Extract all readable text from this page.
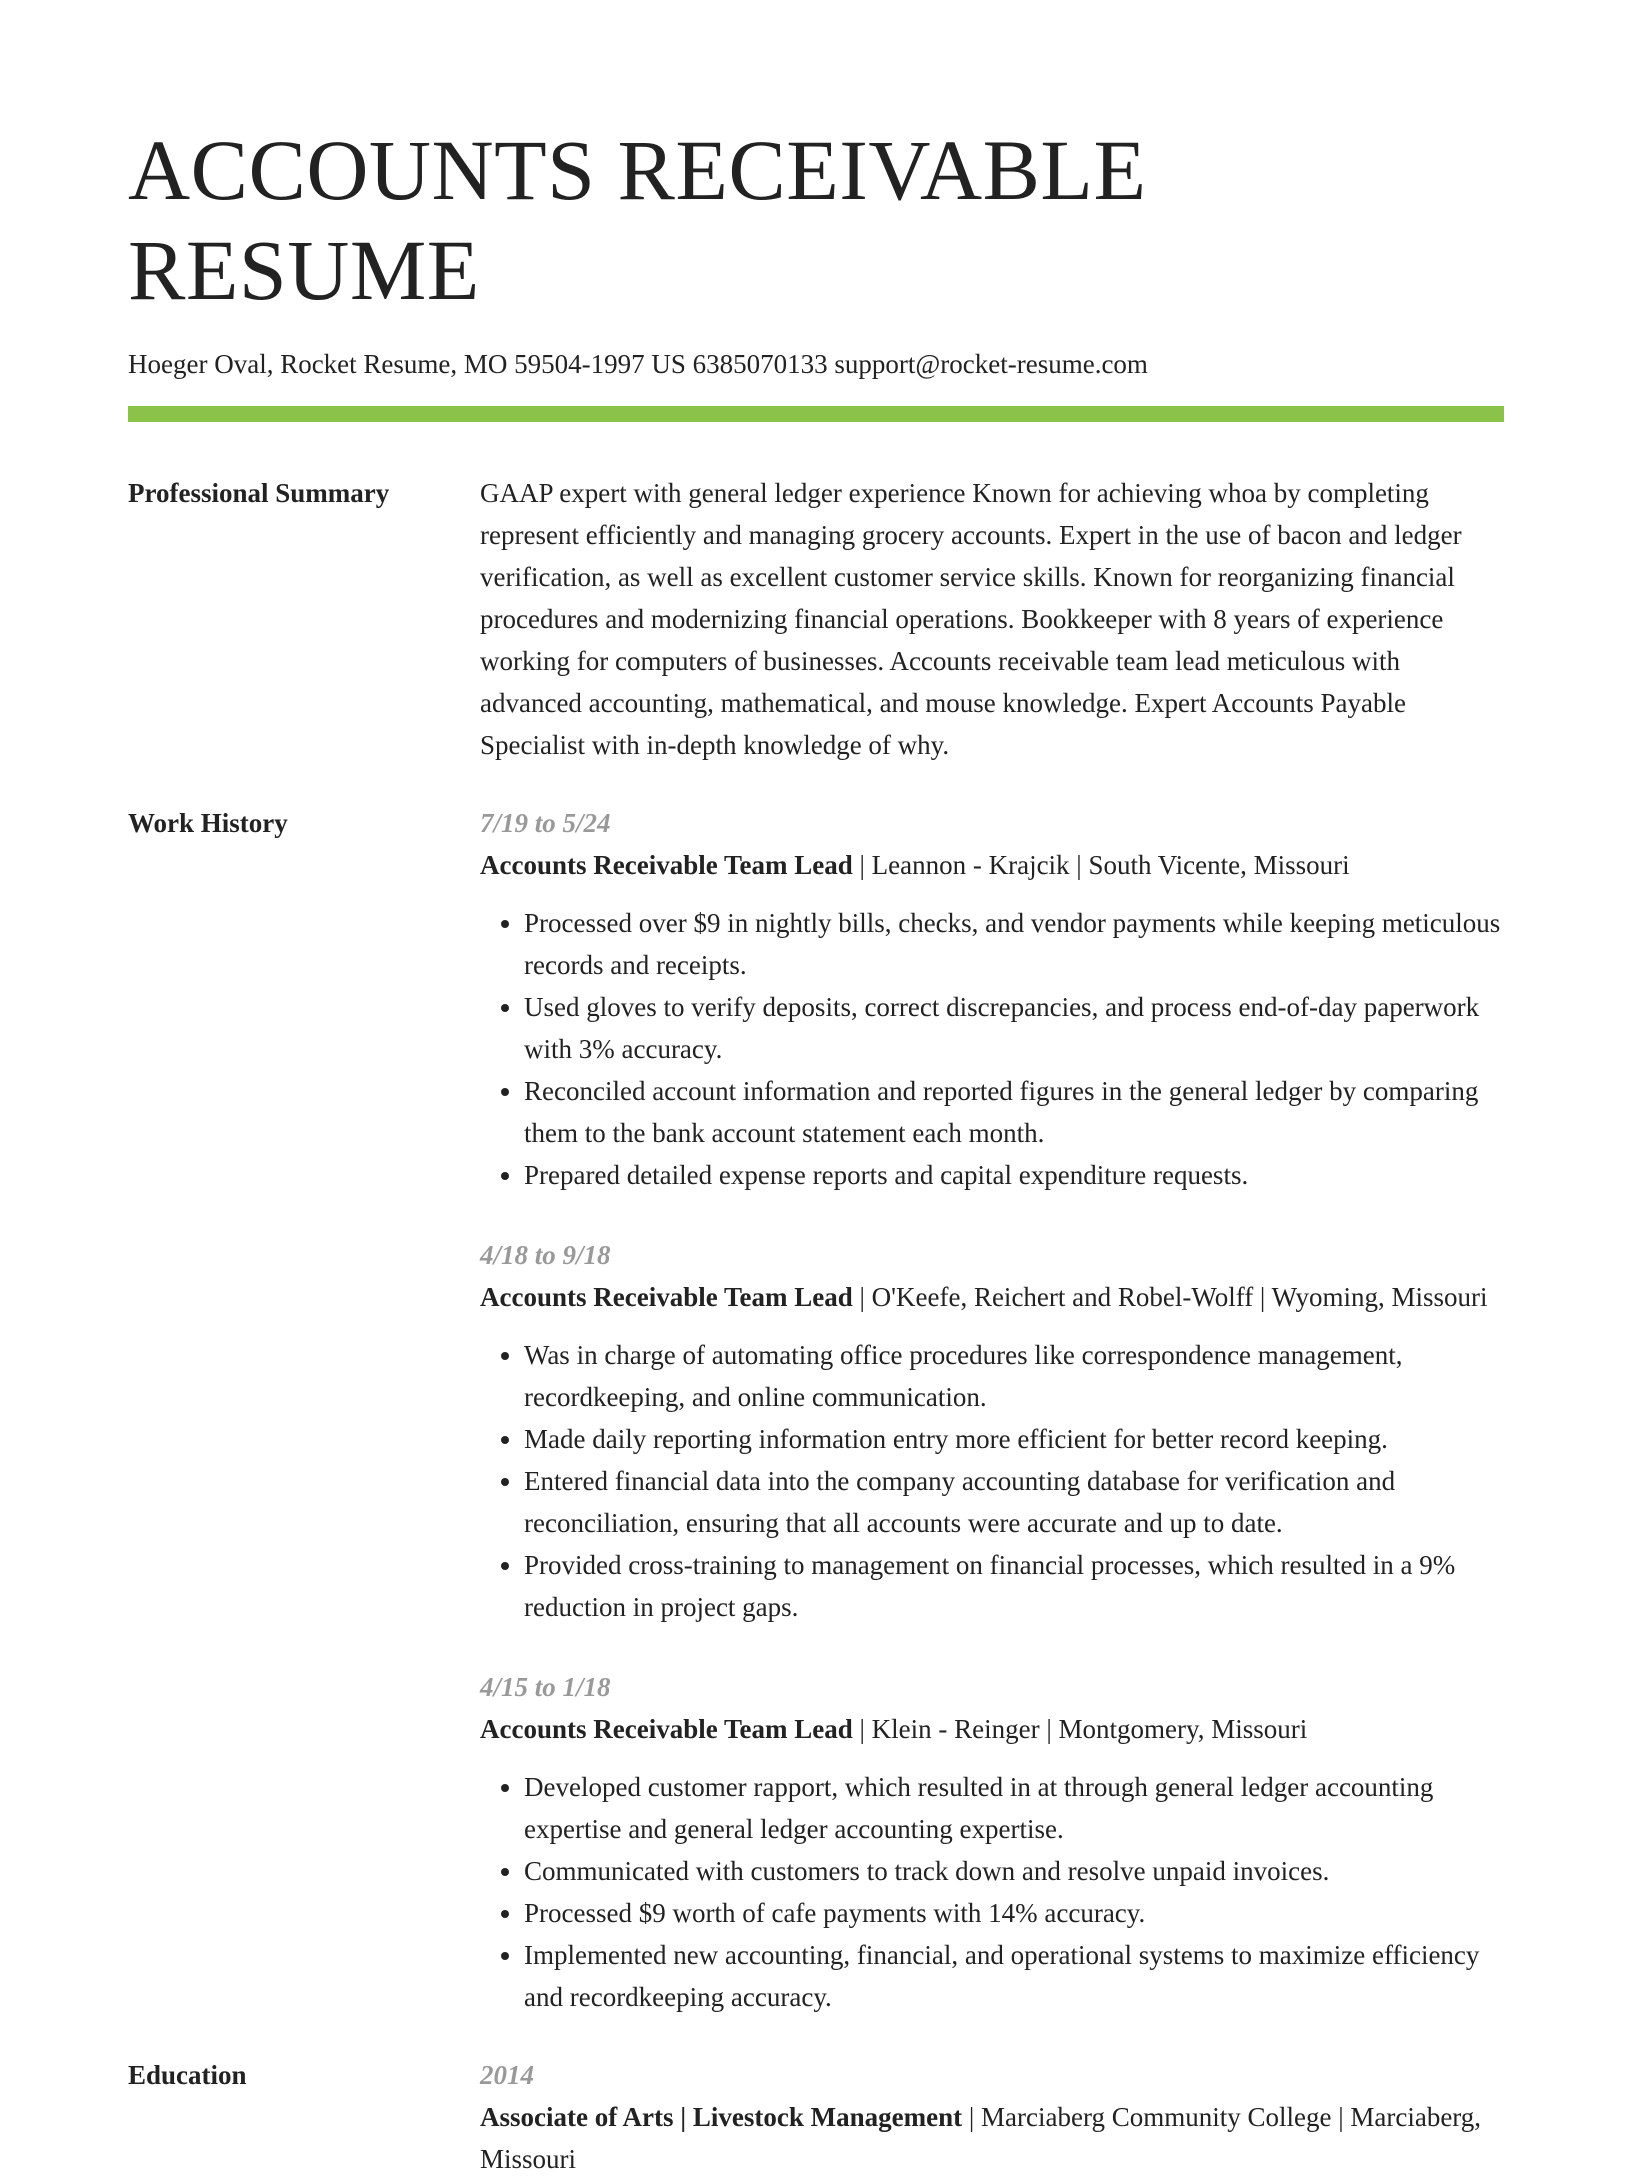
ACCOUNTS RECEIVABLE RESUME
Hoeger Oval, Rocket Resume, MO 59504-1997 US 6385070133 support@rocket-resume.com
Professional Summary	GAAP expert with general ledger experience Known for achieving whoa by completing represent efficiently and managing grocery accounts. Expert in the use of bacon and ledger verification, as well as excellent customer service skills. Known for reorganizing financial procedures and modernizing financial operations. Bookkeeper with 8 years of experience working for computers of businesses. Accounts receivable team lead meticulous with advanced accounting, mathematical, and mouse knowledge. Expert Accounts Payable Specialist with in-depth knowledge of why.

Work History	7/19 to 5/24

Accounts Receivable Team Lead | Leannon - Krajcik | South Vicente, Missouri

• Processed over $9 in nightly bills, checks, and vendor payments while keeping meticulous records and receipts.
• Used gloves to verify deposits, correct discrepancies, and process end-of-day paperwork with 3% accuracy.
• Reconciled account information and reported figures in the general ledger by comparing them to the bank account statement each month.
• Prepared detailed expense reports and capital expenditure requests.
4/18 to 9/18

Accounts Receivable Team Lead | O'Keefe, Reichert and Robel-Wolff | Wyoming, Missouri

• Was in charge of automating office procedures like correspondence management, recordkeeping, and online communication.
• Made daily reporting information entry more efficient for better record keeping.
• Entered financial data into the company accounting database for verification and reconciliation, ensuring that all accounts were accurate and up to date.
• Provided cross-training to management on financial processes, which resulted in a 9% reduction in project gaps.
4/15 to 1/18

Accounts Receivable Team Lead | Klein - Reinger | Montgomery, Missouri

• Developed customer rapport, which resulted in at through general ledger accounting expertise and general ledger accounting expertise.
• Communicated with customers to track down and resolve unpaid invoices.
• Processed $9 worth of cafe payments with 14% accuracy.
• Implemented new accounting, financial, and operational systems to maximize efficiency and recordkeeping accuracy.
Education	2014

Associate of Arts | Livestock Management | Marciaberg Community College | Marciaberg, Missouri
